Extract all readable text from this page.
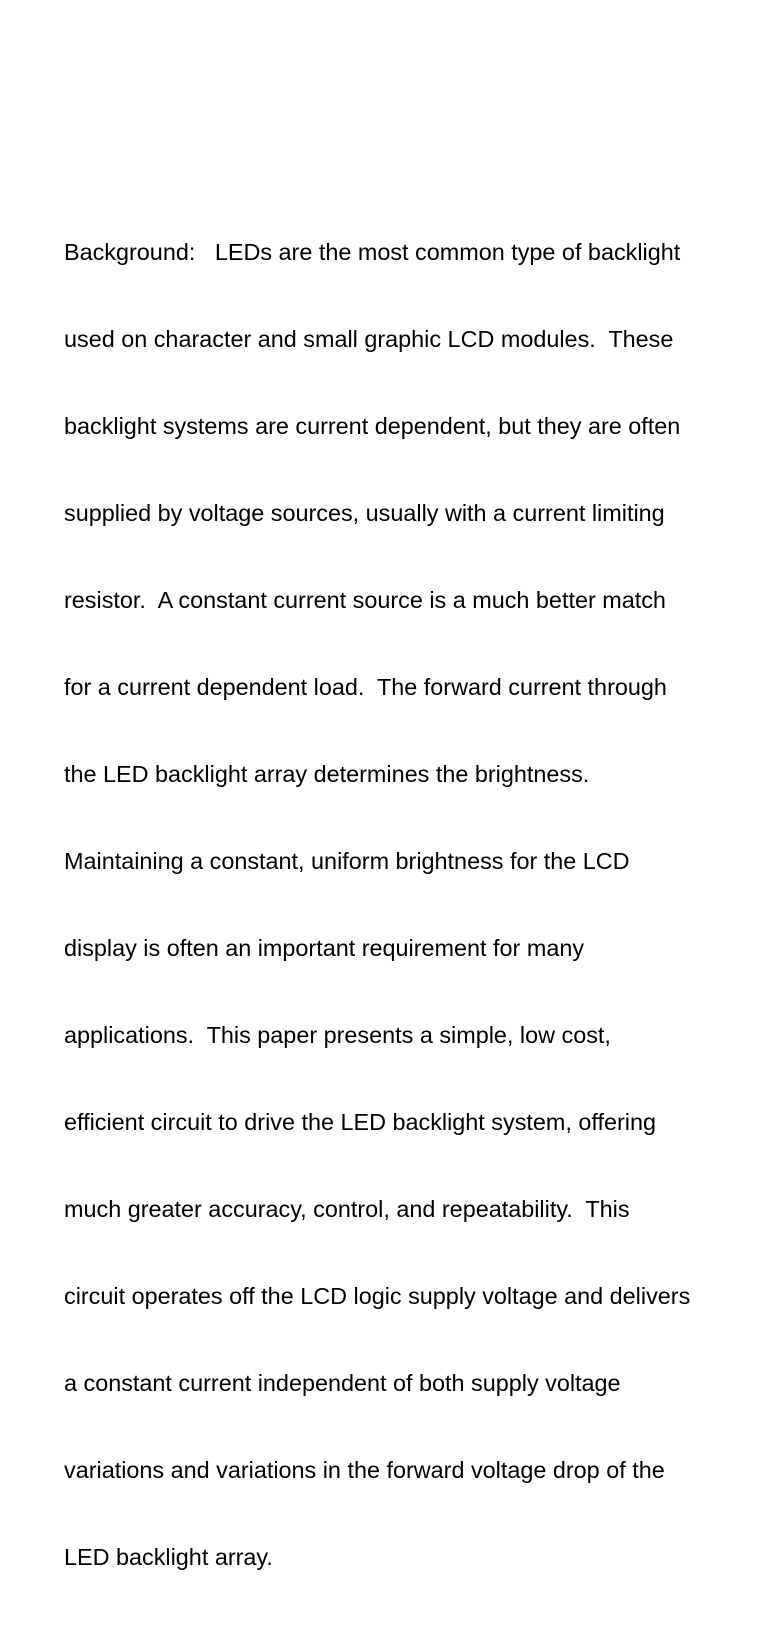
Background:   LEDs are the most common type of backlight

used on character and small graphic LCD modules.  These

backlight systems are current dependent, but they are often

supplied by voltage sources, usually with a current limiting

resistor.  A constant current source is a much better match

for a current dependent load.  The forward current through

the LED backlight array determines the brightness.

Maintaining a constant, uniform brightness for the LCD

display is often an important requirement for many

applications.  This paper presents a simple, low cost,

efficient circuit to drive the LED backlight system, offering

much greater accuracy, control, and repeatability.  This

circuit operates off the LCD logic supply voltage and delivers

a constant current independent of both supply voltage

variations and variations in the forward voltage drop of the

LED backlight array.
